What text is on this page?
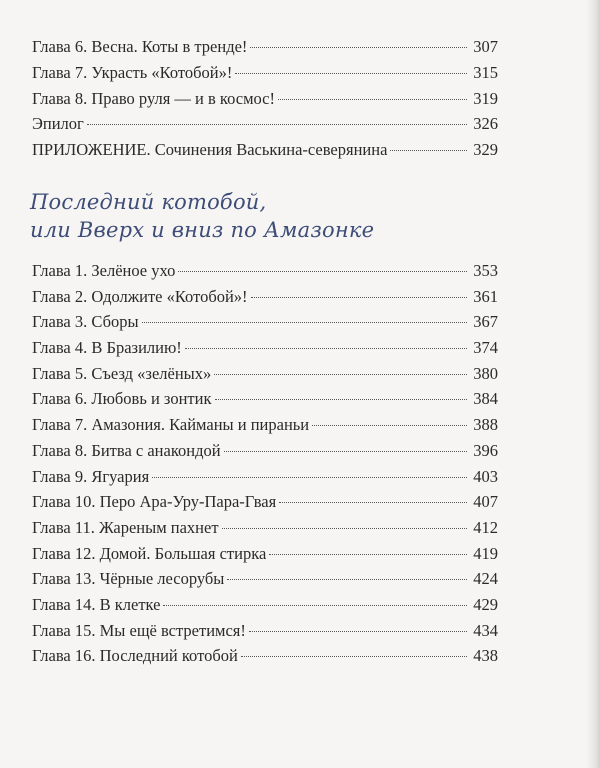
Глава 6. Весна. Коты в тренде!	307
Глава 7. Украсть «Котобой»!	315
Глава 8. Право руля — и в космос!	319
Эпилог	326
ПРИЛОЖЕНИЕ. Сочинения Васькина-северянина	329
Последний котобой,
или Вверх и вниз по Амазонке
Глава 1. Зелёное ухо	353
Глава 2. Одолжите «Котобой»!	361
Глава 3. Сборы	367
Глава 4. В Бразилию!	374
Глава 5. Съезд «зелёных»	380
Глава 6. Любовь и зонтик	384
Глава 7. Амазония. Кайманы и пираньи	388
Глава 8. Битва с анакондой	396
Глава 9. Ягуария	403
Глава 10. Перо Ара-Уру-Пара-Гвая	407
Глава 11. Жареным пахнет	412
Глава 12. Домой. Большая стирка	419
Глава 13. Чёрные лесорубы	424
Глава 14. В клетке	429
Глава 15. Мы ещё встретимся!	434
Глава 16. Последний котобой	438
